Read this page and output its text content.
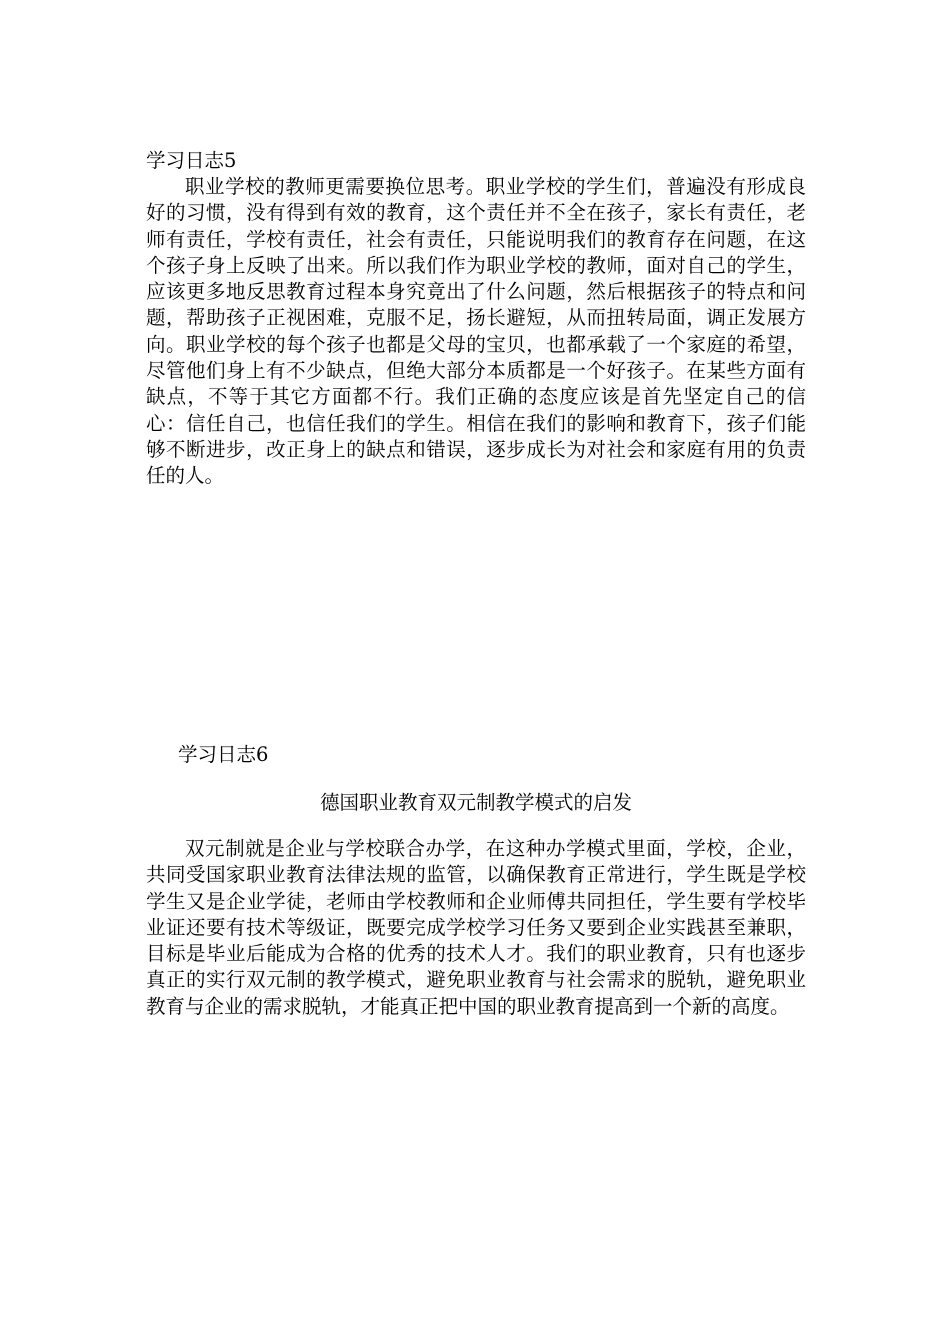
学习日志5
职业学校的教师更需要换位思考。职业学校的学生们，普遍没有形成良好的习惯，没有得到有效的教育，这个责任并不全在孩子，家长有责任，老师有责任，学校有责任，社会有责任，只能说明我们的教育存在问题，在这个孩子身上反映了出来。所以我们作为职业学校的教师，面对自己的学生，应该更多地反思教育过程本身究竟出了什么问题，然后根据孩子的特点和问题，帮助孩子正视困难，克服不足，扬长避短，从而扭转局面，调正发展方向。职业学校的每个孩子也都是父母的宝贝，也都承载了一个家庭的希望，尽管他们身上有不少缺点，但绝大部分本质都是一个好孩子。在某些方面有缺点，不等于其它方面都不行。我们正确的态度应该是首先坚定自己的信心：信任自己，也信任我们的学生。相信在我们的影响和教育下，孩子们能够不断进步，改正身上的缺点和错误，逐步成长为对社会和家庭有用的负责任的人。
学习日志6
德国职业教育双元制教学模式的启发
双元制就是企业与学校联合办学，在这种办学模式里面，学校，企业，共同受国家职业教育法律法规的监管，以确保教育正常进行，学生既是学校学生又是企业学徒，老师由学校教师和企业师傅共同担任，学生要有学校毕业证还要有技术等级证，既要完成学校学习任务又要到企业实践甚至兼职，目标是毕业后能成为合格的优秀的技术人才。我们的职业教育，只有也逐步真正的实行双元制的教学模式，避免职业教育与社会需求的脱轨，避免职业教育与企业的需求脱轨，才能真正把中国的职业教育提高到一个新的高度。
